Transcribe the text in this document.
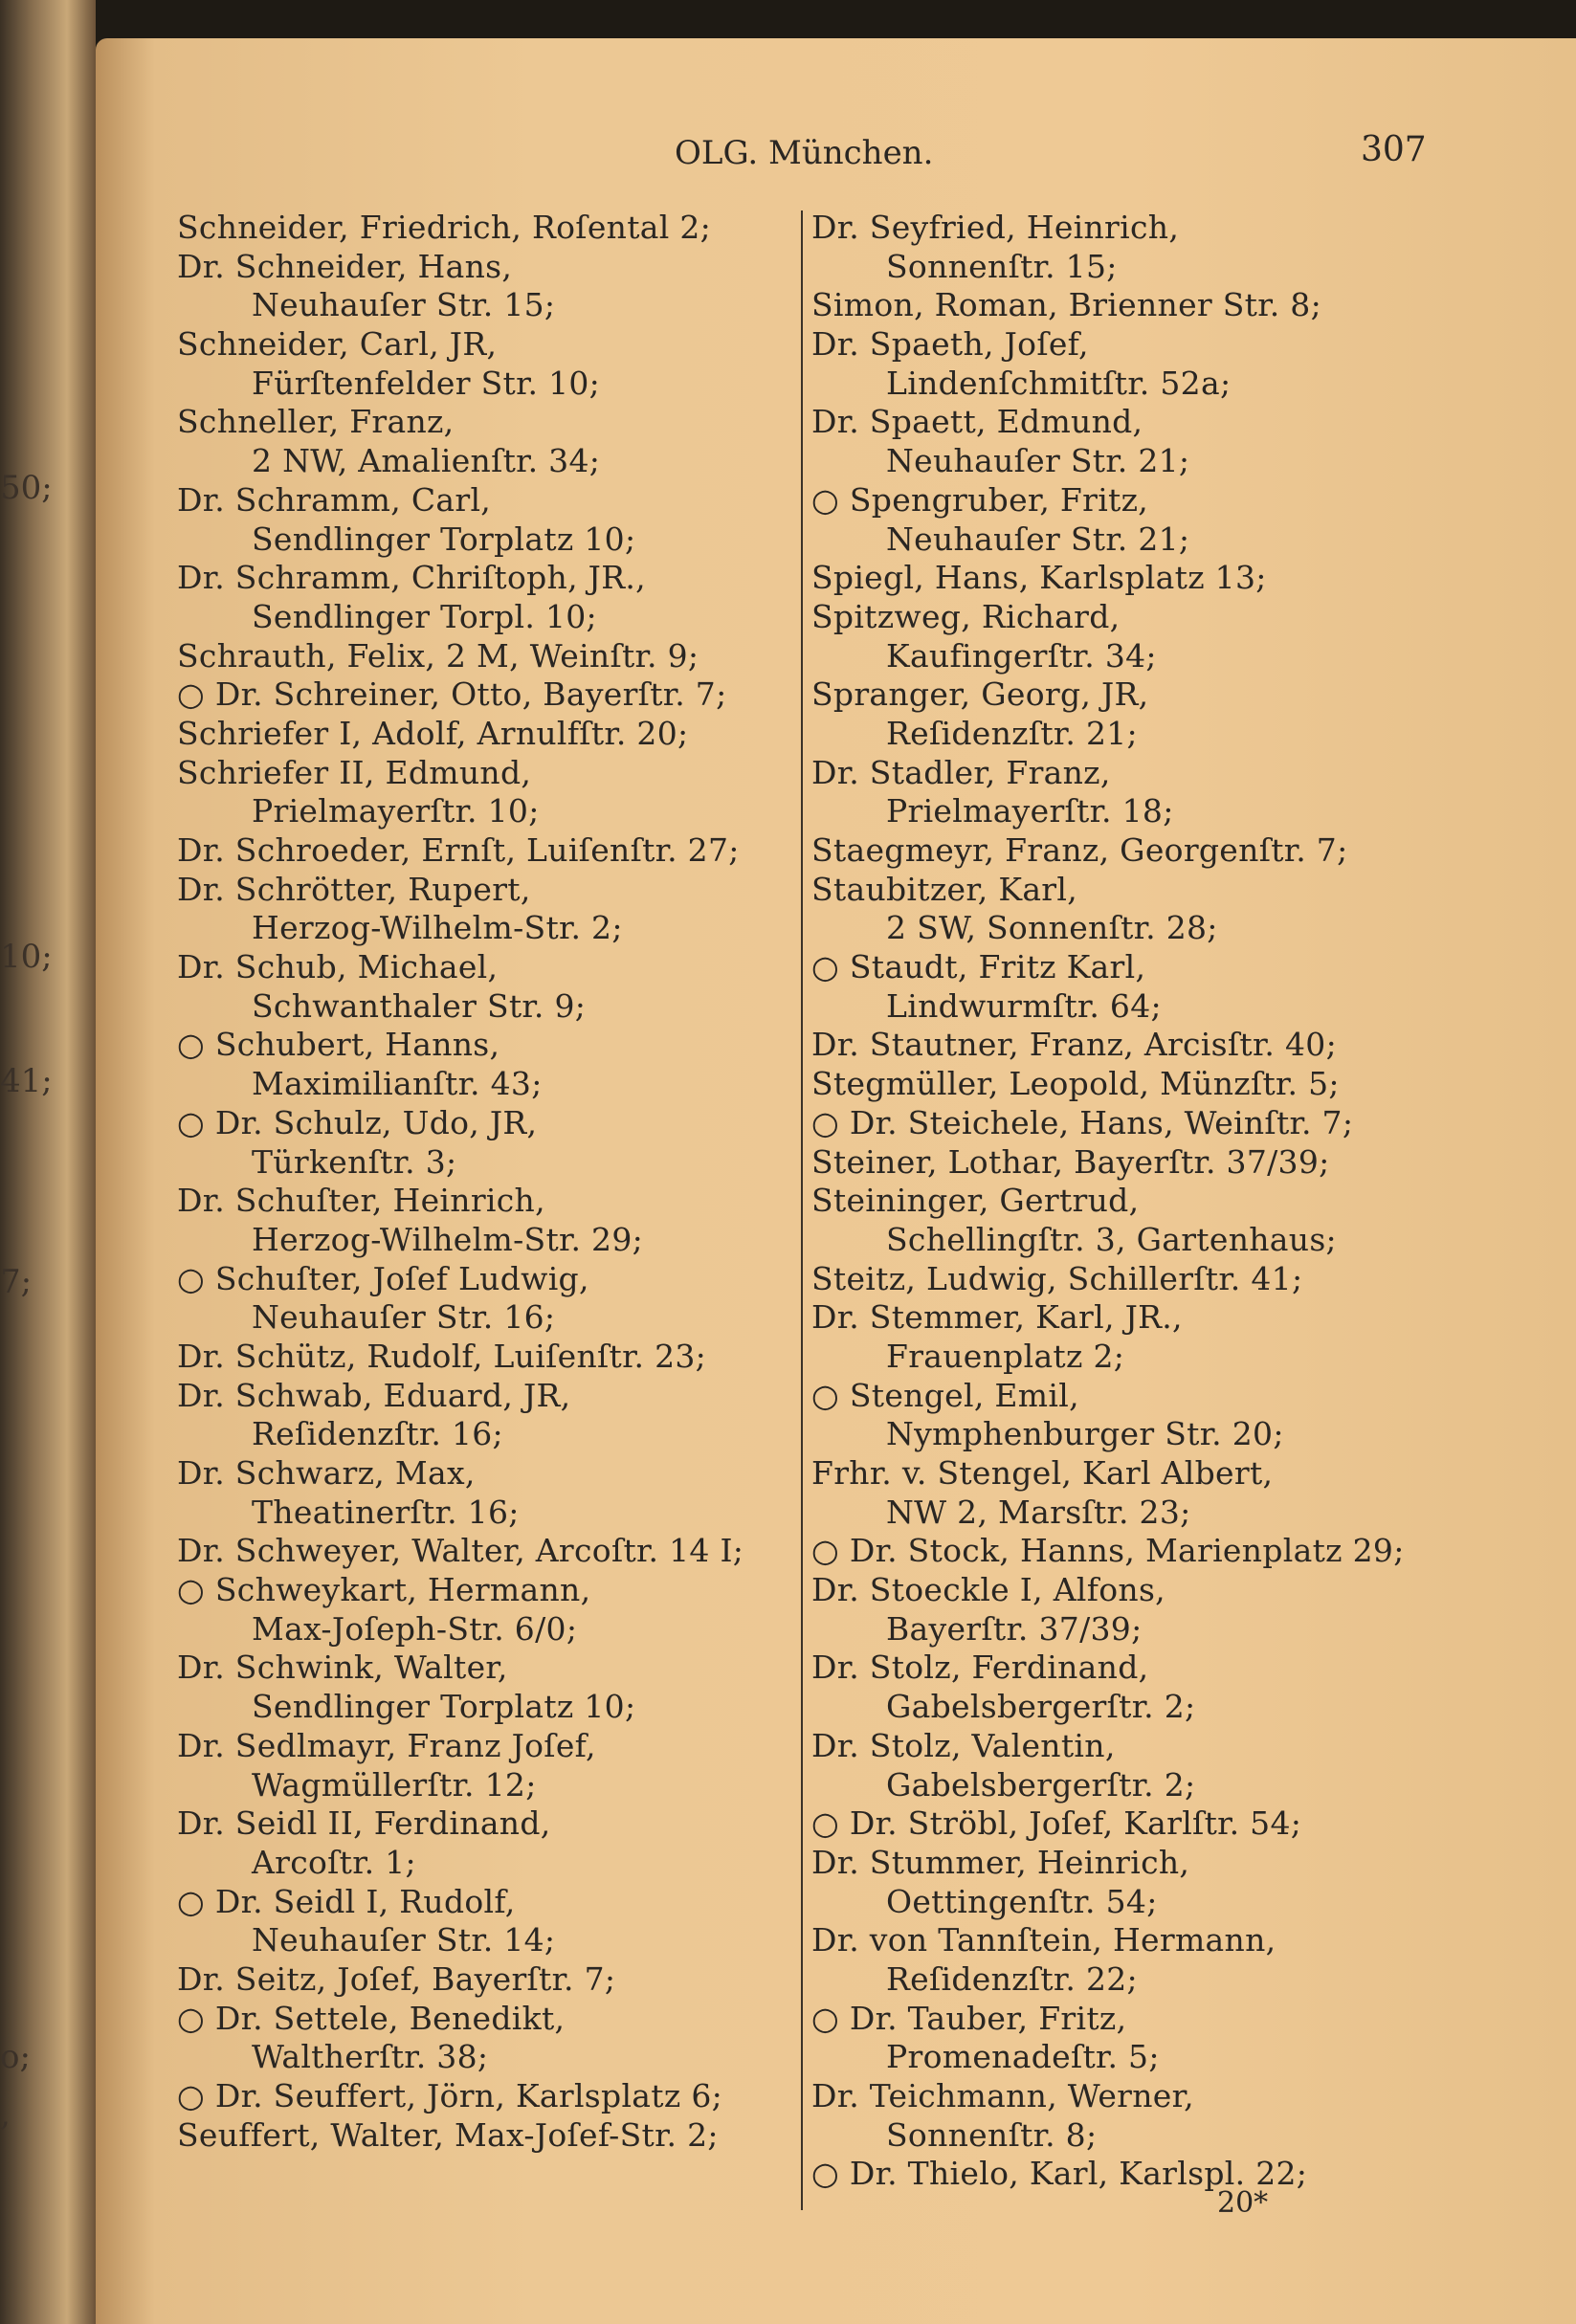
50;
10;
41;
7;
o;
,
OLG. München.	307
Schneider, Friedrich, Roſental 2;
Dr. Schneider, Hans,
Neuhauſer Str. 15;
Schneider, Carl, JR,
Fürſtenfelder Str. 10;
Schneller, Franz,
2 NW, Amalienſtr. 34;
Dr. Schramm, Carl,
Sendlinger Torplatz 10;
Dr. Schramm, Chriſtoph, JR.,
Sendlinger Torpl. 10;
Schrauth, Felix, 2 M, Weinſtr. 9;
○ Dr. Schreiner, Otto, Bayerſtr. 7;
Schriefer I, Adolf, Arnulfſtr. 20;
Schriefer II, Edmund,
Prielmayerſtr. 10;
Dr. Schroeder, Ernſt, Luiſenſtr. 27;
Dr. Schrötter, Rupert,
Herzog-Wilhelm-Str. 2;
Dr. Schub, Michael,
Schwanthaler Str. 9;
○ Schubert, Hanns,
Maximilianſtr. 43;
○ Dr. Schulz, Udo, JR,
Türkenſtr. 3;
Dr. Schuſter, Heinrich,
Herzog-Wilhelm-Str. 29;
○ Schuſter, Joſef Ludwig,
Neuhauſer Str. 16;
Dr. Schütz, Rudolf, Luiſenſtr. 23;
Dr. Schwab, Eduard, JR,
Reſidenzſtr. 16;
Dr. Schwarz, Max,
Theatinerſtr. 16;
Dr. Schweyer, Walter, Arcoſtr. 14 I;
○ Schweykart, Hermann,
Max-Joſeph-Str. 6/0;
Dr. Schwink, Walter,
Sendlinger Torplatz 10;
Dr. Sedlmayr, Franz Joſef,
Wagmüllerſtr. 12;
Dr. Seidl II, Ferdinand,
Arcoſtr. 1;
○ Dr. Seidl I, Rudolf,
Neuhauſer Str. 14;
Dr. Seitz, Joſef, Bayerſtr. 7;
○ Dr. Settele, Benedikt,
Waltherſtr. 38;
○ Dr. Seuffert, Jörn, Karlsplatz 6;
Seuffert, Walter, Max-Joſef-Str. 2;
Dr. Seyfried, Heinrich,
Sonnenſtr. 15;
Simon, Roman, Brienner Str. 8;
Dr. Spaeth, Joſef,
Lindenſchmitſtr. 52a;
Dr. Spaett, Edmund,
Neuhauſer Str. 21;
○ Spengruber, Fritz,
Neuhauſer Str. 21;
Spiegl, Hans, Karlsplatz 13;
Spitzweg, Richard,
Kaufingerſtr. 34;
Spranger, Georg, JR,
Reſidenzſtr. 21;
Dr. Stadler, Franz,
Prielmayerſtr. 18;
Staegmeyr, Franz, Georgenſtr. 7;
Staubitzer, Karl,
2 SW, Sonnenſtr. 28;
○ Staudt, Fritz Karl,
Lindwurmſtr. 64;
Dr. Stautner, Franz, Arcisſtr. 40;
Stegmüller, Leopold, Münzſtr. 5;
○ Dr. Steichele, Hans, Weinſtr. 7;
Steiner, Lothar, Bayerſtr. 37/39;
Steininger, Gertrud,
Schellingſtr. 3, Gartenhaus;
Steitz, Ludwig, Schillerſtr. 41;
Dr. Stemmer, Karl, JR.,
Frauenplatz 2;
○ Stengel, Emil,
Nymphenburger Str. 20;
Frhr. v. Stengel, Karl Albert,
NW 2, Marsſtr. 23;
○ Dr. Stock, Hanns, Marienplatz 29;
Dr. Stoeckle I, Alfons,
Bayerſtr. 37/39;
Dr. Stolz, Ferdinand,
Gabelsbergerſtr. 2;
Dr. Stolz, Valentin,
Gabelsbergerſtr. 2;
○ Dr. Ströbl, Joſef, Karlſtr. 54;
Dr. Stummer, Heinrich,
Oettingenſtr. 54;
Dr. von Tannſtein, Hermann,
Reſidenzſtr. 22;
○ Dr. Tauber, Fritz,
Promenadeſtr. 5;
Dr. Teichmann, Werner,
Sonnenſtr. 8;
○ Dr. Thielo, Karl, Karlspl. 22;
20*
